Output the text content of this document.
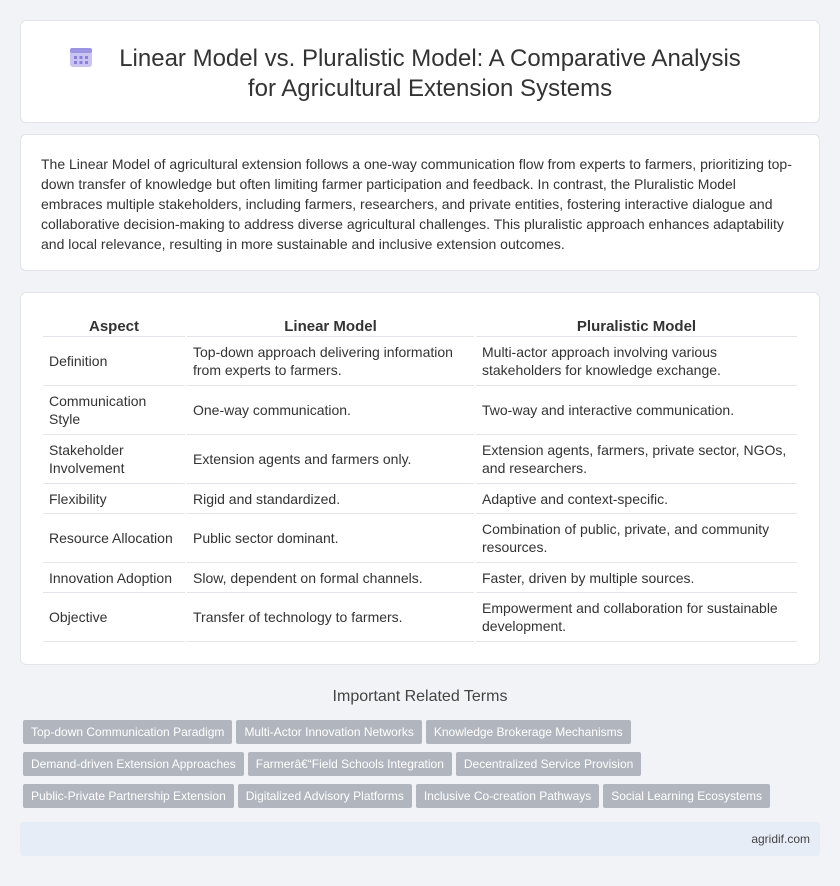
Linear Model vs. Pluralistic Model: A Comparative Analysis for Agricultural Extension Systems

The Linear Model of agricultural extension follows a one-way communication flow from experts to farmers, prioritizing top-down transfer of knowledge but often limiting farmer participation and feedback. In contrast, the Pluralistic Model embraces multiple stakeholders, including farmers, researchers, and private entities, fostering interactive dialogue and collaborative decision-making to address diverse agricultural challenges. This pluralistic approach enhances adaptability and local relevance, resulting in more sustainable and inclusive extension outcomes.

Aspect	Linear Model	Pluralistic Model
Definition	Top-down approach delivering information from experts to farmers.	Multi-actor approach involving various stakeholders for knowledge exchange.
Communication Style	One-way communication.	Two-way and interactive communication.
Stakeholder Involvement	Extension agents and farmers only.	Extension agents, farmers, private sector, NGOs, and researchers.
Flexibility	Rigid and standardized.	Adaptive and context-specific.
Resource Allocation	Public sector dominant.	Combination of public, private, and community resources.
Innovation Adoption	Slow, dependent on formal channels.	Faster, driven by multiple sources.
Objective	Transfer of technology to farmers.	Empowerment and collaboration for sustainable development.
Important Related Terms
Top-down Communication Paradigm Multi-Actor Innovation Networks Knowledge Brokerage Mechanisms
Demand-driven Extension Approaches Farmerâ€“Field Schools Integration Decentralized Service Provision
Public-Private Partnership Extension Digitalized Advisory Platforms Inclusive Co-creation Pathways Social Learning Ecosystems
agridif.com
